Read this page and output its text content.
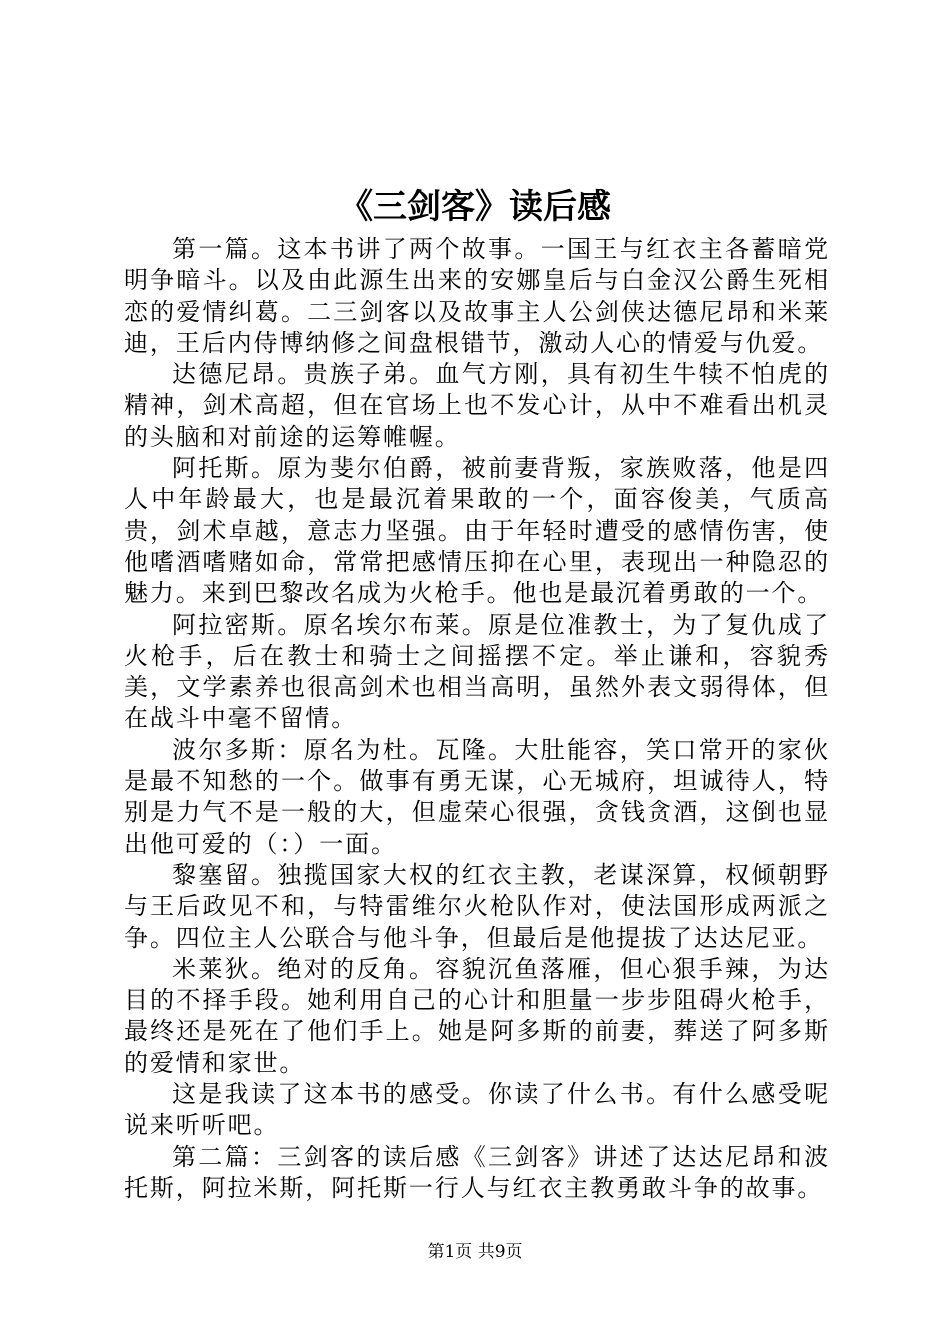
《三剑客》读后感

第一篇。这本书讲了两个故事。一国王与红衣主各蓄暗党明争暗斗。以及由此源生出来的安娜皇后与白金汉公爵生死相恋的爱情纠葛。二三剑客以及故事主人公剑侠达德尼昂和米莱迪，王后内侍博纳修之间盘根错节，激动人心的情爱与仇爱。

达德尼昂。贵族子弟。血气方刚，具有初生牛犊不怕虎的精神，剑术高超，但在官场上也不发心计，从中不难看出机灵的头脑和对前途的运筹帷幄。

阿托斯。原为斐尔伯爵，被前妻背叛，家族败落，他是四人中年龄最大，也是最沉着果敢的一个，面容俊美，气质高贵，剑术卓越，意志力坚强。由于年轻时遭受的感情伤害，使他嗜酒嗜赌如命，常常把感情压抑在心里，表现出一种隐忍的魅力。来到巴黎改名成为火枪手。他也是最沉着勇敢的一个。

阿拉密斯。原名埃尔布莱。原是位准教士，为了复仇成了火枪手，后在教士和骑士之间摇摆不定。举止谦和，容貌秀美，文学素养也很高剑术也相当高明，虽然外表文弱得体，但在战斗中毫不留情。

波尔多斯：原名为杜。瓦隆。大肚能容，笑口常开的家伙是最不知愁的一个。做事有勇无谋，心无城府，坦诚待人，特别是力气不是一般的大，但虚荣心很强，贪钱贪酒，这倒也显出他可爱的（：）一面。

黎塞留。独揽国家大权的红衣主教，老谋深算，权倾朝野与王后政见不和，与特雷维尔火枪队作对，使法国形成两派之争。四位主人公联合与他斗争，但最后是他提拔了达达尼亚。

米莱狄。绝对的反角。容貌沉鱼落雁，但心狠手辣，为达目的不择手段。她利用自己的心计和胆量一步步阻碍火枪手，最终还是死在了他们手上。她是阿多斯的前妻，葬送了阿多斯的爱情和家世。

这是我读了这本书的感受。你读了什么书。有什么感受呢说来听听吧。

第二篇：三剑客的读后感《三剑客》讲述了达达尼昂和波托斯，阿拉米斯，阿托斯一行人与红衣主教勇敢斗争的故事。

第1页 共9页
